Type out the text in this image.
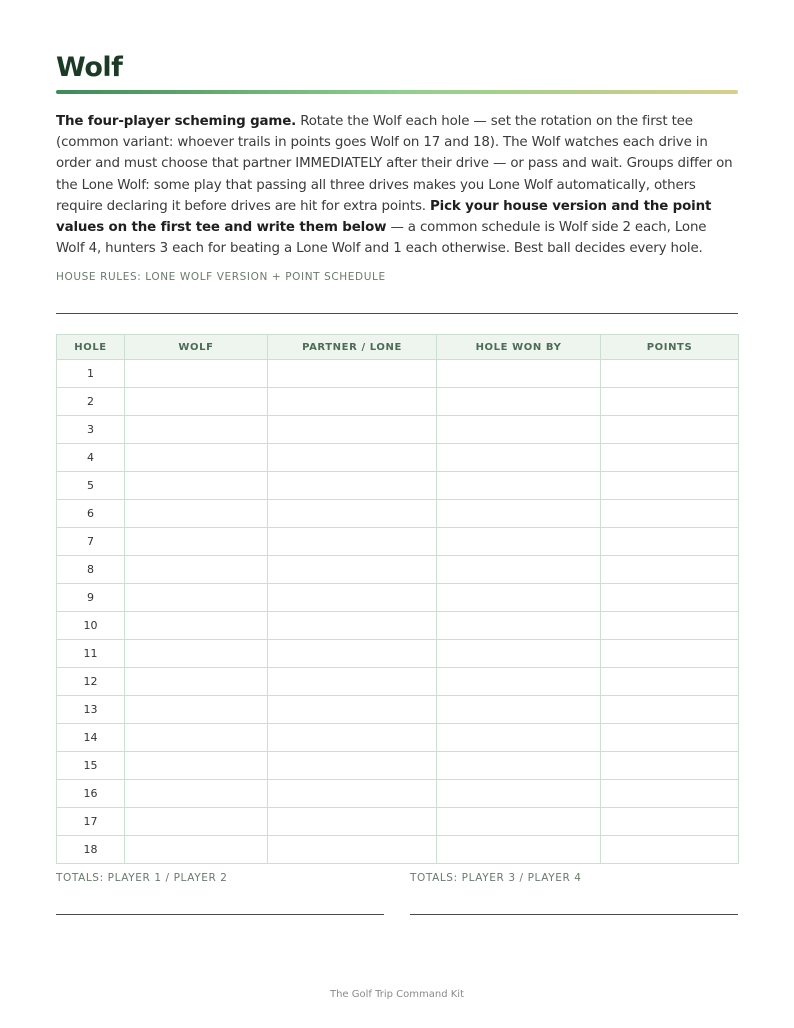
Wolf

The four-player scheming game. Rotate the Wolf each hole — set the rotation on the first tee (common variant: whoever trails in points goes Wolf on 17 and 18). The Wolf watches each drive in order and must choose that partner IMMEDIATELY after their drive — or pass and wait. Groups differ on the Lone Wolf: some play that passing all three drives makes you Lone Wolf automatically, others require declaring it before drives are hit for extra points. Pick your house version and the point values on the first tee and write them below — a common schedule is Wolf side 2 each, Lone Wolf 4, hunters 3 each for beating a Lone Wolf and 1 each otherwise. Best ball decides every hole.

HOUSE RULES: LONE WOLF VERSION + POINT SCHEDULE
HOLE	WOLF	PARTNER / LONE	HOLE WON BY	POINTS
1				
2				
3				
4				
5				
6				
7				
8				
9				
10				
11				
12				
13				
14				
15				
16				
17				
18				
TOTALS: PLAYER 1 / PLAYER 2	TOTALS: PLAYER 3 / PLAYER 4
The Golf Trip Command Kit
